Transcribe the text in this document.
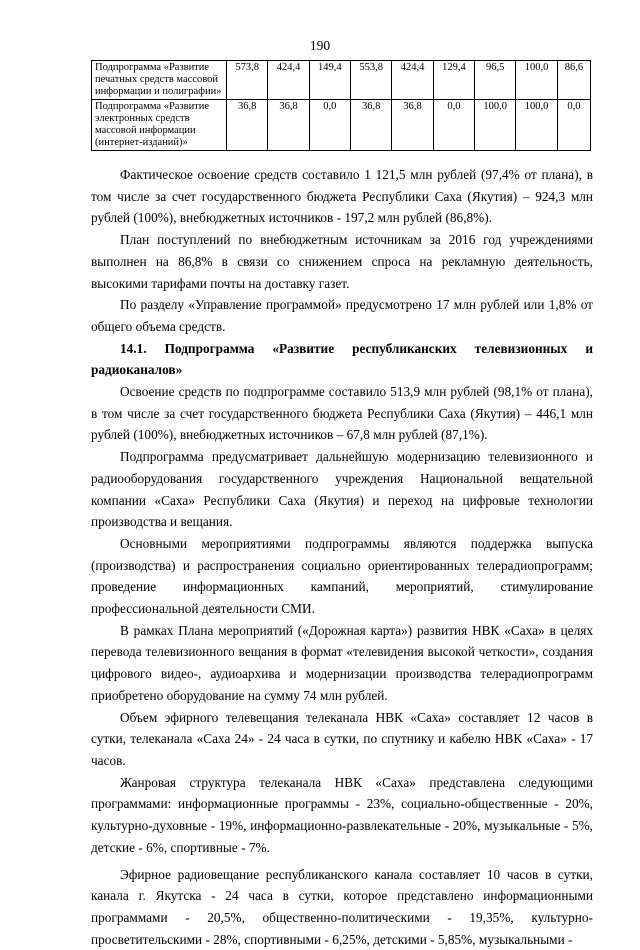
190
Подпрограмма «Развитие печатных средств массовой информации и полиграфии»	573,8	424,4	149,4	553,8	424,4	129,4	96,5	100,0	86,6
Подпрограмма «Развитие электронных средств массовой информации (интернет-изданий)»	36,8	36,8	0,0	36,8	36,8	0,0	100,0	100,0	0,0

Фактическое освоение средств составило 1 121,5 млн рублей (97,4% от плана), в том числе за счет государственного бюджета Республики Саха (Якутия) – 924,3 млн рублей (100%), внебюджетных источников - 197,2 млн рублей (86,8%).

План поступлений по внебюджетным источникам за 2016 год учреждениями выполнен на 86,8% в связи со снижением спроса на рекламную деятельность, высокими тарифами почты на доставку газет.

По разделу «Управление программой» предусмотрено 17 млн рублей или 1,8% от общего объема средств.

14.1. Подпрограмма «Развитие республиканских телевизионных и радиоканалов»

Освоение средств по подпрограмме составило 513,9 млн рублей (98,1% от плана), в том числе за счет государственного бюджета Республики Саха (Якутия) – 446,1 млн рублей (100%), внебюджетных источников – 67,8 млн рублей (87,1%).

Подпрограмма предусматривает дальнейшую модернизацию телевизионного и радиооборудования государственного учреждения Национальной вещательной компании «Саха» Республики Саха (Якутия) и переход на цифровые технологии производства и вещания.

Основными мероприятиями подпрограммы являются поддержка выпуска (производства) и распространения социально ориентированных телерадиопрограмм; проведение информационных кампаний, мероприятий, стимулирование профессиональной деятельности СМИ.

В рамках Плана мероприятий («Дорожная карта») развития НВК «Саха» в целях перевода телевизионного вещания в формат «телевидения высокой четкости», создания цифрового видео-, аудиоархива и модернизации производства телерадиопрограмм приобретено оборудование на сумму 74 млн рублей.

Объем эфирного телевещания телеканала НВК «Саха» составляет 12 часов в сутки, телеканала «Саха 24» - 24 часа в сутки, по спутнику и кабелю НВК «Саха» - 17 часов.

Жанровая структура телеканала НВК «Саха» представлена следующими программами: информационные программы - 23%, социально-общественные - 20%, культурно-духовные - 19%, информационно-развлекательные - 20%, музыкальные - 5%, детские - 6%, спортивные - 7%.

Эфирное радиовещание республиканского канала составляет 10 часов в сутки, канала г. Якутска - 24 часа в сутки, которое представлено информационными программами - 20,5%, общественно-политическими - 19,35%, культурно-просветительскими - 28%, спортивными - 6,25%, детскими - 5,85%, музыкальными -
